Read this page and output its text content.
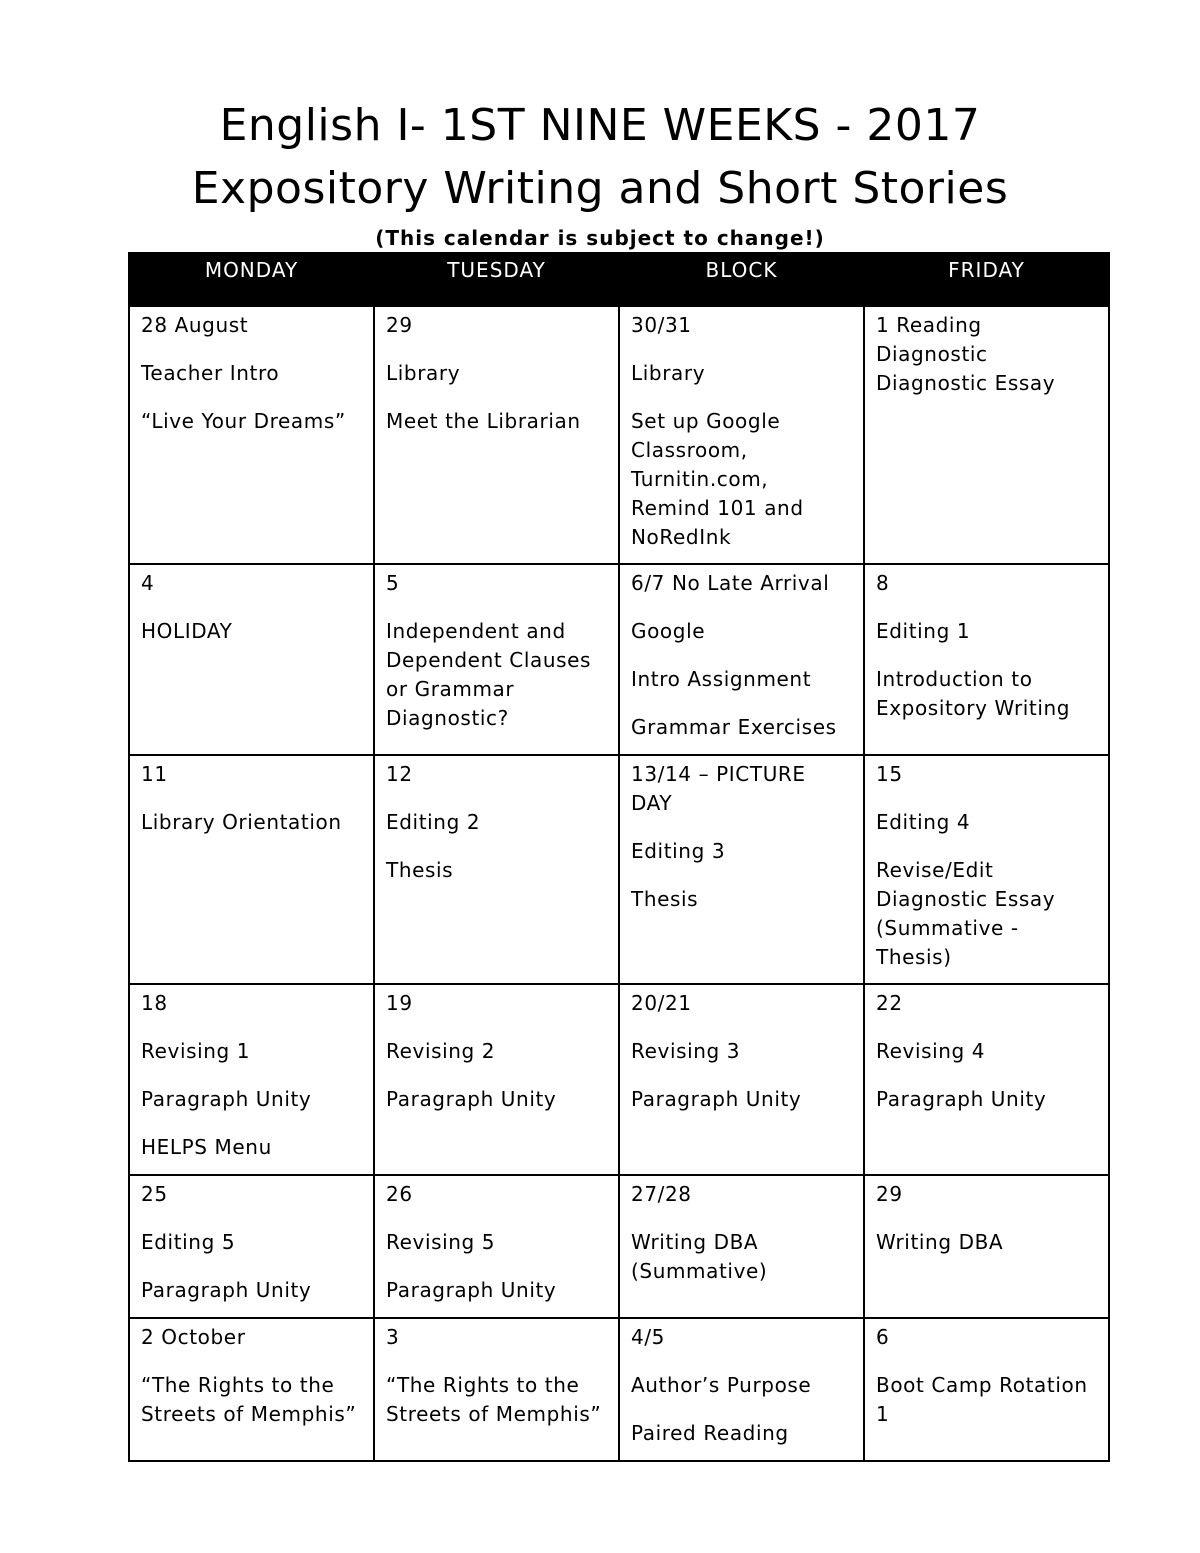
English I- 1ST NINE WEEKS - 2017
Expository Writing and Short Stories
(This calendar is subject to change!)
MONDAY	TUESDAY	BLOCK	FRIDAY

28 August
Teacher Intro
“Live Your Dreams”	29
Library
Meet the Librarian	30/31
Library
Set up Google Classroom, Turnitin.com, Remind 101 and NoRedInk	1 Reading Diagnostic Diagnostic Essay

4
HOLIDAY	5
Independent and Dependent Clauses or Grammar Diagnostic?	6/7 No Late Arrival
Google
Intro Assignment
Grammar Exercises	8
Editing 1
Introduction to Expository Writing

11
Library Orientation	12
Editing 2
Thesis	13/14 – PICTURE DAY
Editing 3
Thesis	15
Editing 4
Revise/Edit Diagnostic Essay (Summative - Thesis)

18
Revising 1
Paragraph Unity
HELPS Menu	19
Revising 2
Paragraph Unity	20/21
Revising 3
Paragraph Unity	22
Revising 4
Paragraph Unity

25
Editing 5
Paragraph Unity	26
Revising 5
Paragraph Unity	27/28
Writing DBA (Summative)	29
Writing DBA

2 October
“The Rights to the Streets of Memphis”	3
“The Rights to the Streets of Memphis”	4/5
Author’s Purpose
Paired Reading	6
Boot Camp Rotation 1
